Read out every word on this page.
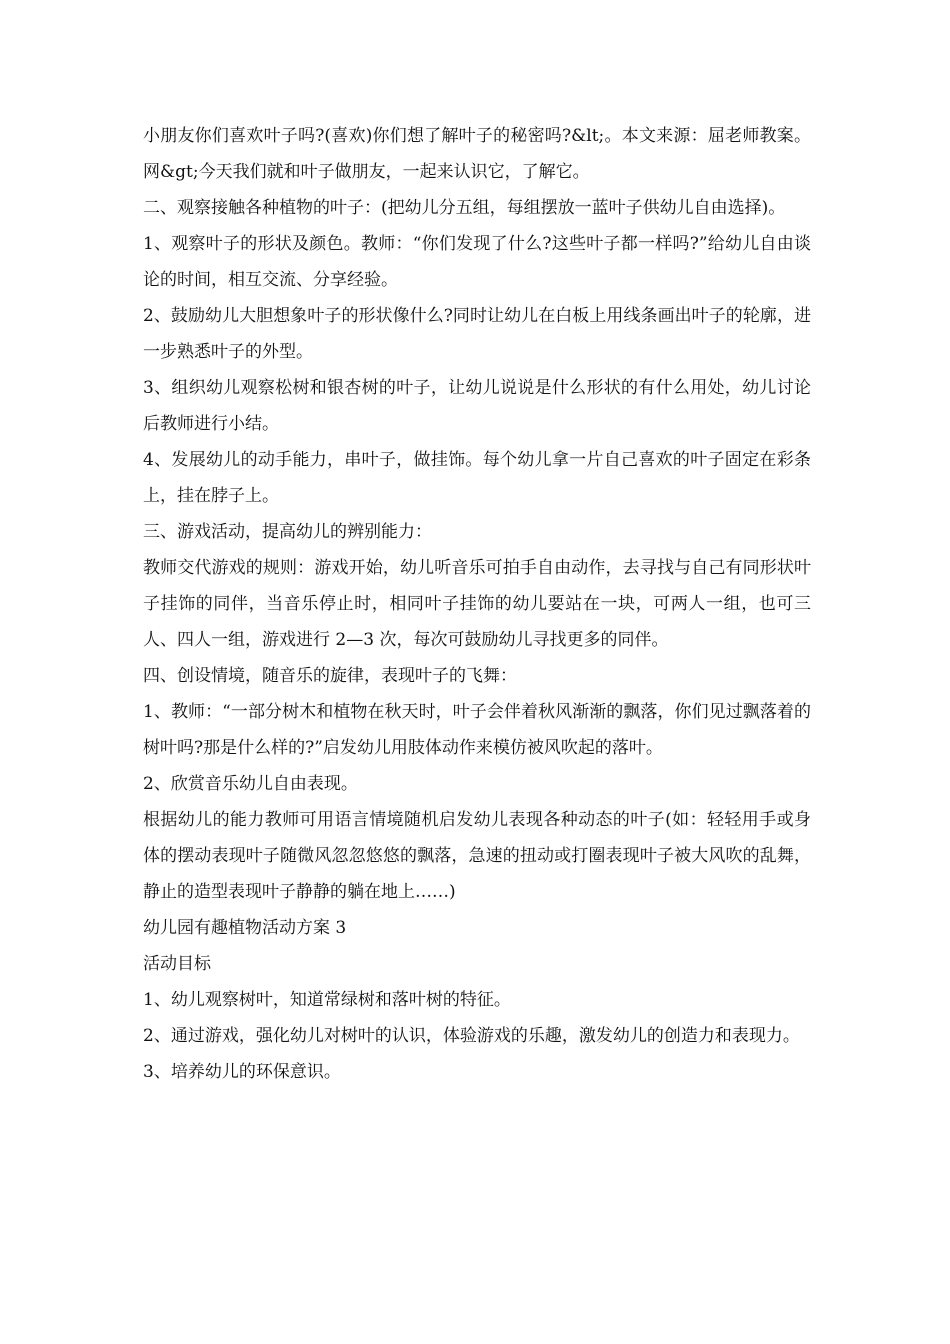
小朋友你们喜欢叶子吗?(喜欢)你们想了解叶子的秘密吗?&lt;。本文来源：屈老师教案。网&gt;今天我们就和叶子做朋友，一起来认识它，了解它。

二、观察接触各种植物的叶子：(把幼儿分五组，每组摆放一蓝叶子供幼儿自由选择)。

1、观察叶子的形状及颜色。教师：“你们发现了什么?这些叶子都一样吗?”给幼儿自由谈论的时间，相互交流、分享经验。

2、鼓励幼儿大胆想象叶子的形状像什么?同时让幼儿在白板上用线条画出叶子的轮廓，进一步熟悉叶子的外型。

3、组织幼儿观察松树和银杏树的叶子，让幼儿说说是什么形状的有什么用处，幼儿讨论后教师进行小结。

4、发展幼儿的动手能力，串叶子，做挂饰。每个幼儿拿一片自己喜欢的叶子固定在彩条上，挂在脖子上。

三、游戏活动，提高幼儿的辨别能力：

教师交代游戏的规则：游戏开始，幼儿听音乐可拍手自由动作，去寻找与自己有同形状叶子挂饰的同伴，当音乐停止时，相同叶子挂饰的幼儿要站在一块，可两人一组，也可三人、四人一组，游戏进行 2—3 次，每次可鼓励幼儿寻找更多的同伴。

四、创设情境，随音乐的旋律，表现叶子的飞舞：

1、教师：“一部分树木和植物在秋天时，叶子会伴着秋风渐渐的飘落，你们见过飘落着的树叶吗?那是什么样的?”启发幼儿用肢体动作来模仿被风吹起的落叶。

2、欣赏音乐幼儿自由表现。

根据幼儿的能力教师可用语言情境随机启发幼儿表现各种动态的叶子(如：轻轻用手或身体的摆动表现叶子随微风忽忽悠悠的飘落，急速的扭动或打圈表现叶子被大风吹的乱舞，静止的造型表现叶子静静的躺在地上……)

幼儿园有趣植物活动方案 3

活动目标

1、幼儿观察树叶，知道常绿树和落叶树的特征。

2、通过游戏，强化幼儿对树叶的认识，体验游戏的乐趣，激发幼儿的创造力和表现力。

3、培养幼儿的环保意识。
